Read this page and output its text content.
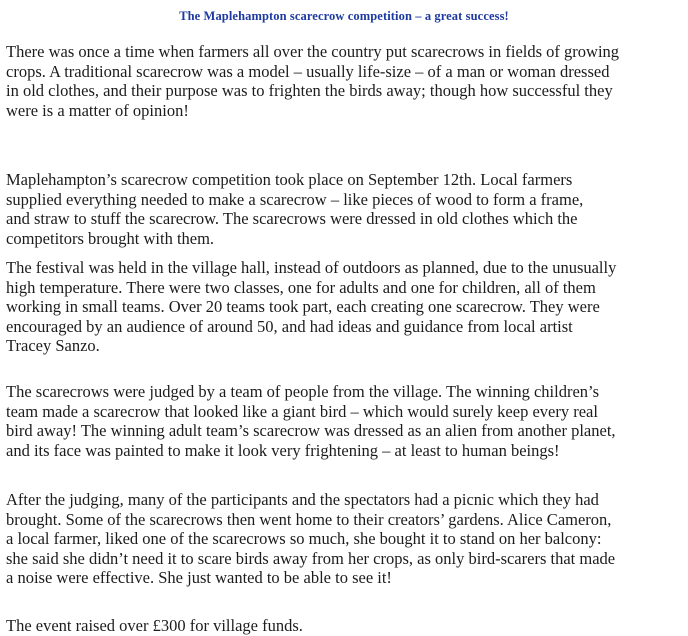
The Maplehampton scarecrow competition – a great success!

There was once a time when farmers all over the country put scarecrows in fields of growing
crops. A traditional scarecrow was a model – usually life-size – of a man or woman dressed
in old clothes, and their purpose was to frighten the birds away; though how successful they
were is a matter of opinion!

Maplehampton’s scarecrow competition took place on September 12th. Local farmers
supplied everything needed to make a scarecrow – like pieces of wood to form a frame,
and straw to stuff the scarecrow. The scarecrows were dressed in old clothes which the
competitors brought with them.

The festival was held in the village hall, instead of outdoors as planned, due to the unusually
high temperature. There were two classes, one for adults and one for children, all of them
working in small teams. Over 20 teams took part, each creating one scarecrow. They were
encouraged by an audience of around 50, and had ideas and guidance from local artist
Tracey Sanzo.

The scarecrows were judged by a team of people from the village. The winning children’s
team made a scarecrow that looked like a giant bird – which would surely keep every real
bird away! The winning adult team’s scarecrow was dressed as an alien from another planet,
and its face was painted to make it look very frightening – at least to human beings!

After the judging, many of the participants and the spectators had a picnic which they had
brought. Some of the scarecrows then went home to their creators’ gardens. Alice Cameron,
a local farmer, liked one of the scarecrows so much, she bought it to stand on her balcony:
she said she didn’t need it to scare birds away from her crops, as only bird-scarers that made
a noise were effective. She just wanted to be able to see it!

The event raised over £300 for village funds.
